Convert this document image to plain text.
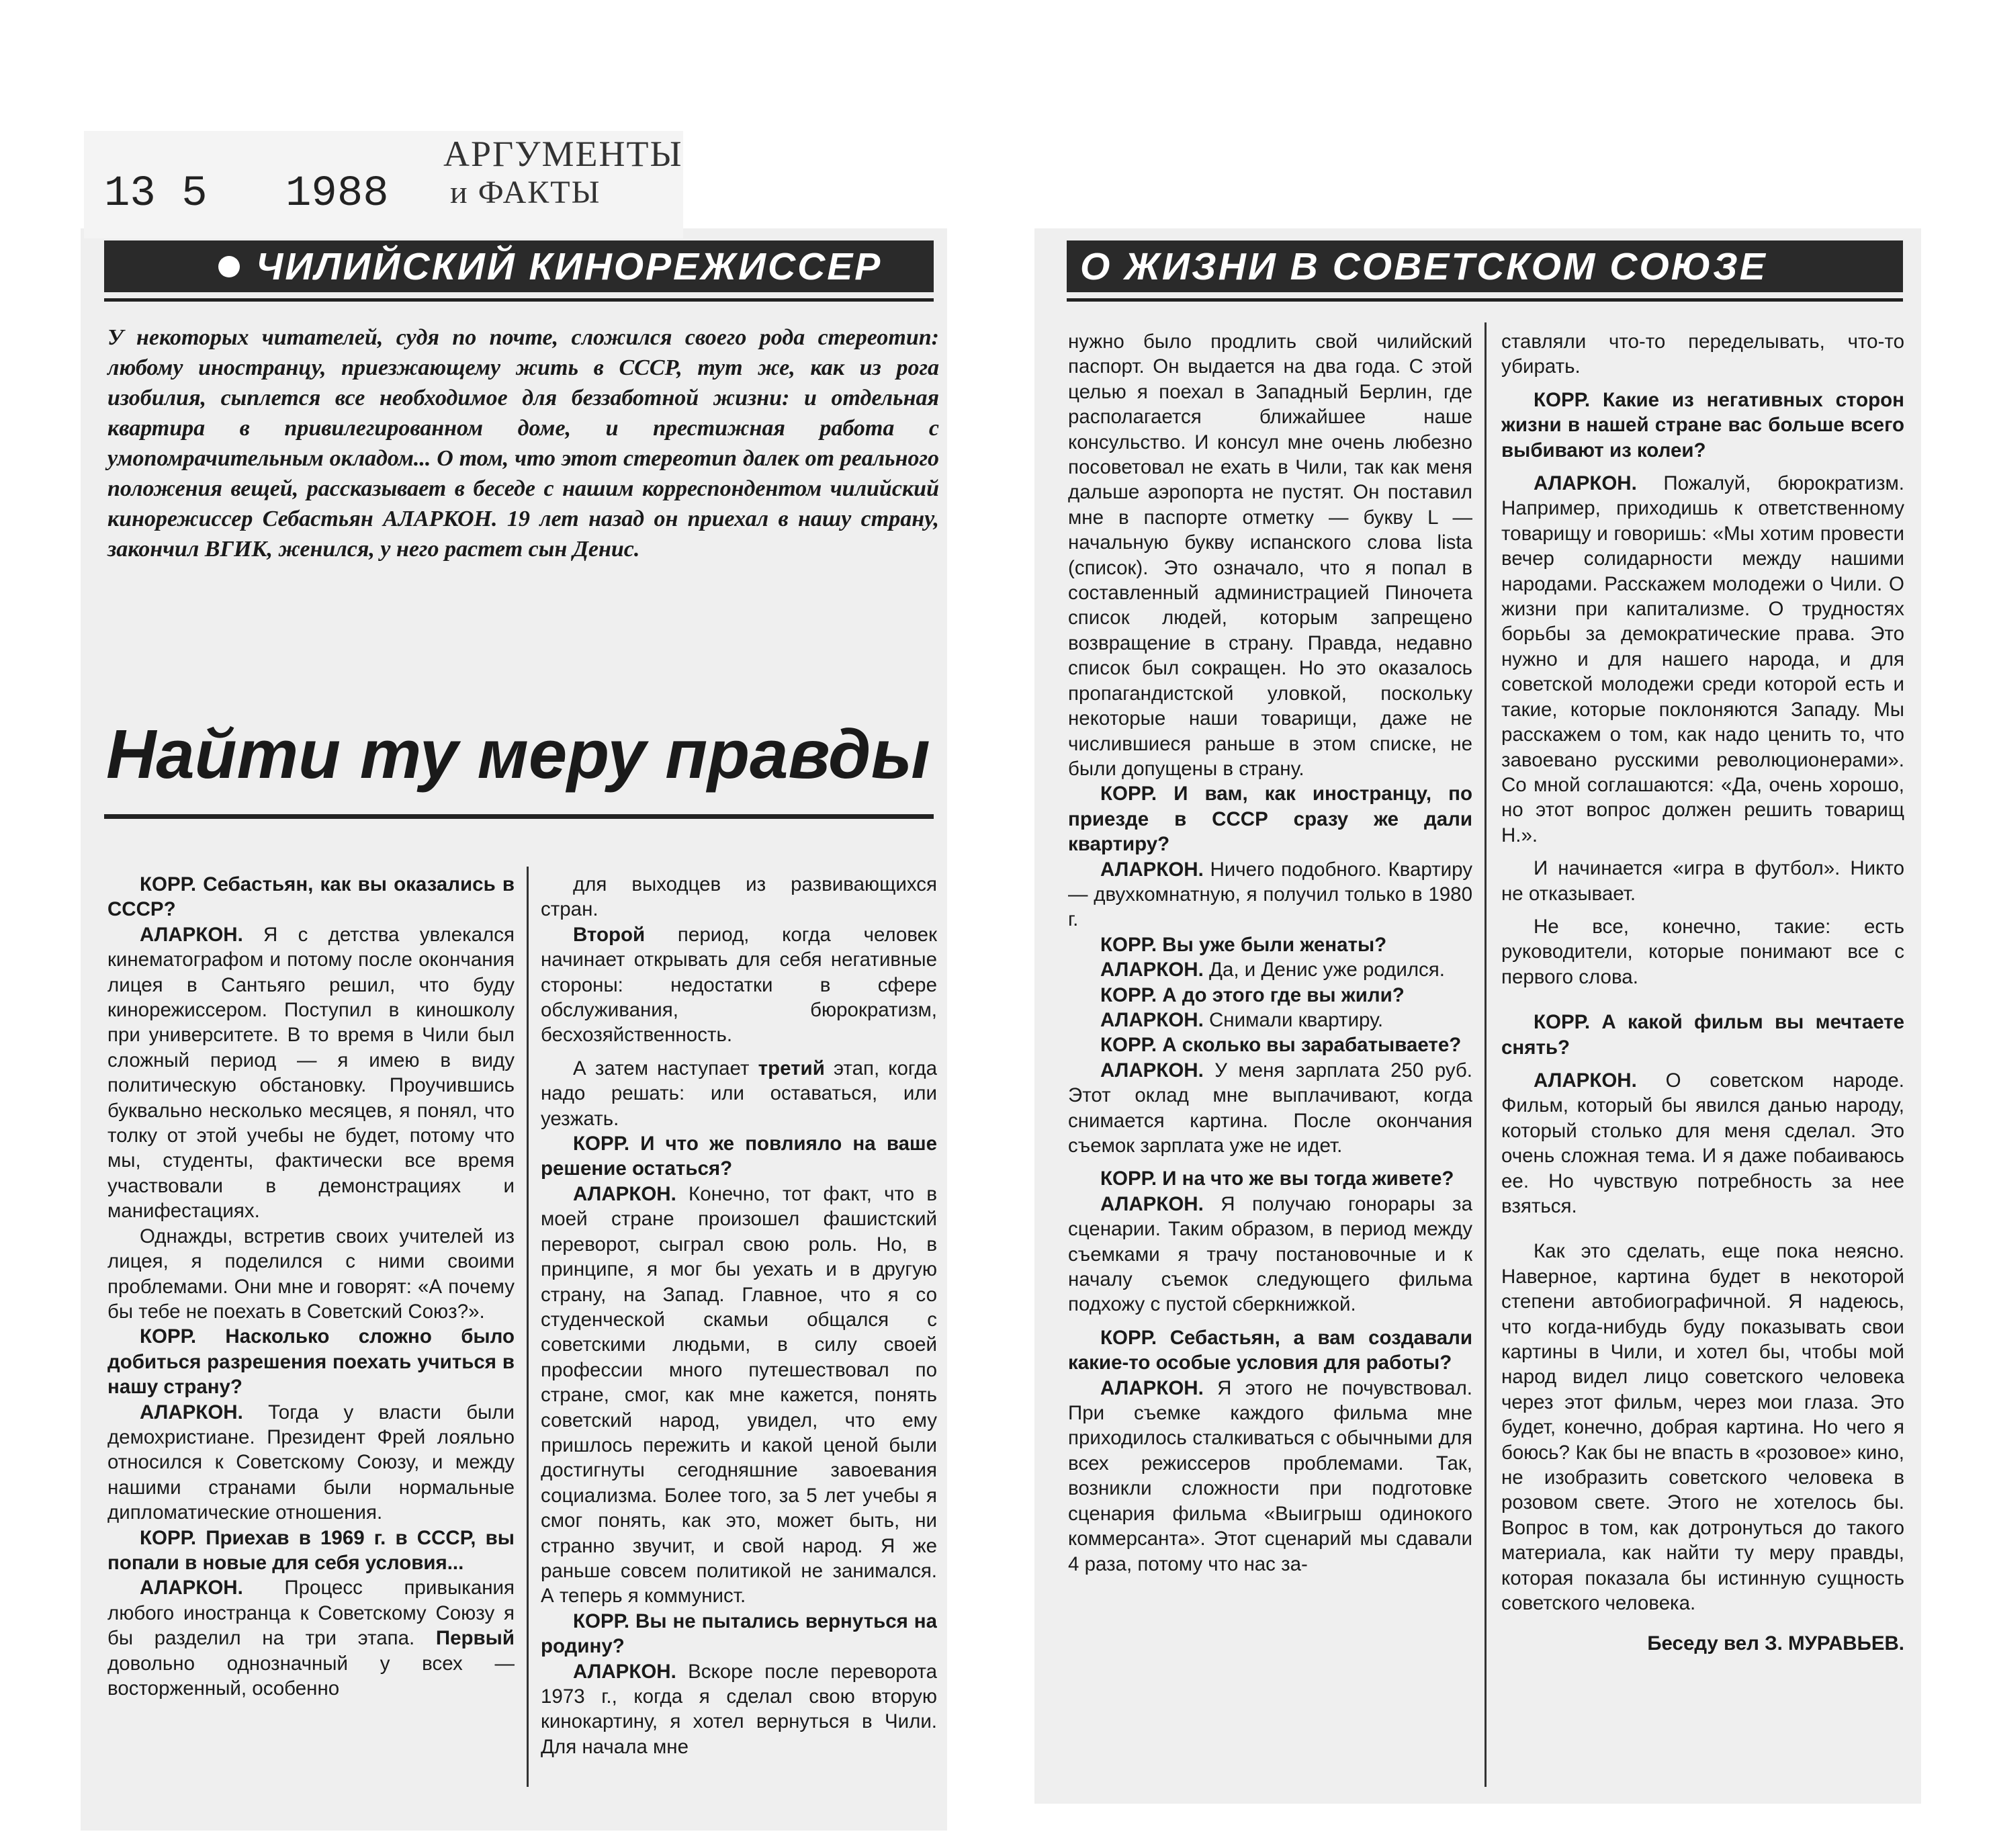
13 5 1988
АРГУМЕНТЫ
и ФАКТЫ
ЧИЛИЙСКИЙ КИНОРЕЖИССЕР	О ЖИЗНИ В СОВЕТСКОМ СОЮЗЕ

У некоторых читателей, судя по почте, сложился своего рода стереотип: любому иностранцу, приезжающему жить в СССР, тут же, как из рога изобилия, сыплется все необходимое для беззаботной жизни: и отдельная квартира в привилегированном доме, и престижная работа с умопомрачительным окладом... О том, что этот стереотип далек от реального положения вещей, рассказывает в беседе с нашим корреспондентом чилийский кинорежиссер Себастьян АЛАРКОН. 19 лет назад он приехал в нашу страну, закончил ВГИК, женился, у него растет сын Денис.

Найти ту меру правды

КОРР. Себастьян, как вы оказались в СССР?

АЛАРКОН. Я с детства увлекался кинематографом и потому после окончания лицея в Сантьяго решил, что буду кинорежиссером. Поступил в киношколу при университете. В то время в Чили был сложный период — я имею в виду политическую обстановку. Проучившись буквально несколько месяцев, я понял, что толку от этой учебы не будет, потому что мы, студенты, фактически все время участвовали в демонстрациях и манифестациях.

Однажды, встретив своих учителей из лицея, я поделился с ними своими проблемами. Они мне и говорят: «А почему бы тебе не поехать в Советский Союз?».

КОРР. Насколько сложно было добиться разрешения поехать учиться в нашу страну?

АЛАРКОН. Тогда у власти были демохристиане. Президент Фрей лояльно относился к Советскому Союзу, и между нашими странами были нормальные дипломатические отношения.

КОРР. Приехав в 1969 г. в СССР, вы попали в новые для себя условия...

АЛАРКОН. Процесс привыкания любого иностранца к Советскому Союзу я бы разделил на три этапа. Первый довольно однозначный у всех — восторженный, особенно

для выходцев из развивающихся стран.

Второй период, когда человек начинает открывать для себя негативные стороны: недостатки в сфере обслуживания, бюрократизм, бесхозяйственность.

А затем наступает третий этап, когда надо решать: или оставаться, или уезжать.

КОРР. И что же повлияло на ваше решение остаться?

АЛАРКОН. Конечно, тот факт, что в моей стране произошел фашистский переворот, сыграл свою роль. Но, в принципе, я мог бы уехать и в другую страну, на Запад. Главное, что я со студенческой скамьи общался с советскими людьми, в силу своей профессии много путешествовал по стране, смог, как мне кажется, понять советский народ, увидел, что ему пришлось пережить и какой ценой были достигнуты сегодняшние завоевания социализма. Более того, за 5 лет учебы я смог понять, как это, может быть, ни странно звучит, и свой народ. Я же раньше совсем политикой не занимался. А теперь я коммунист.

КОРР. Вы не пытались вернуться на родину?

АЛАРКОН. Вскоре после переворота 1973 г., когда я сделал свою вторую кинокартину, я хотел вернуться в Чили. Для начала мне

нужно было продлить свой чилийский паспорт. Он выдается на два года. С этой целью я поехал в Западный Берлин, где располагается ближайшее наше консульство. И консул мне очень любезно посоветовал не ехать в Чили, так как меня дальше аэропорта не пустят. Он поставил мне в паспорте отметку — букву L — начальную букву испанского слова lista (список). Это означало, что я попал в составленный администрацией Пиночета список людей, которым запрещено возвращение в страну. Правда, недавно список был сокращен. Но это оказалось пропагандистской уловкой, поскольку некоторые наши товарищи, даже не числившиеся раньше в этом списке, не были допущены в страну.

КОРР. И вам, как иностранцу, по приезде в СССР сразу же дали квартиру?

АЛАРКОН. Ничего подобного. Квартиру — двухкомнатную, я получил только в 1980 г.

КОРР. Вы уже были женаты?

АЛАРКОН. Да, и Денис уже родился.

КОРР. А до этого где вы жили?

АЛАРКОН. Снимали квартиру.

КОРР. А сколько вы зарабатываете?

АЛАРКОН. У меня зарплата 250 руб. Этот оклад мне выплачивают, когда снимается картина. После окончания съемок зарплата уже не идет.

КОРР. И на что же вы тогда живете?

АЛАРКОН. Я получаю гонорары за сценарии. Таким образом, в период между съемками я трачу постановочные и к началу съемок следующего фильма подхожу с пустой сберкнижкой.

КОРР. Себастьян, а вам создавали какие-то особые условия для работы?

АЛАРКОН. Я этого не почувствовал. При съемке каждого фильма мне приходилось сталкиваться с обычными для всех режиссеров проблемами. Так, возникли сложности при подготовке сценария фильма «Выигрыш одинокого коммерсанта». Этот сценарий мы сдавали 4 раза, потому что нас за-

ставляли что-то переделывать, что-то убирать.

КОРР. Какие из негативных сторон жизни в нашей стране вас больше всего выбивают из колеи?

АЛАРКОН. Пожалуй, бюрократизм. Например, приходишь к ответственному товарищу и говоришь: «Мы хотим провести вечер солидарности между нашими народами. Расскажем молодежи о Чили. О жизни при капитализме. О трудностях борьбы за демократические права. Это нужно и для нашего народа, и для советской молодежи среди которой есть и такие, которые поклоняются Западу. Мы расскажем о том, как надо ценить то, что завоевано русскими революционерами». Со мной соглашаются: «Да, очень хорошо, но этот вопрос должен решить товарищ Н.».

И начинается «игра в футбол». Никто не отказывает.

Не все, конечно, такие: есть руководители, которые понимают все с первого слова.

КОРР. А какой фильм вы мечтаете снять?

АЛАРКОН. О советском народе. Фильм, который бы явился данью народу, который столько для меня сделал. Это очень сложная тема. И я даже побаиваюсь ее. Но чувствую потребность за нее взяться.

Как это сделать, еще пока неясно. Наверное, картина будет в некоторой степени автобиографичной. Я надеюсь, что когда-нибудь буду показывать свои картины в Чили, и хотел бы, чтобы мой народ видел лицо советского человека через этот фильм, через мои глаза. Это будет, конечно, добрая картина. Но чего я боюсь? Как бы не впасть в «розовое» кино, не изобразить советского человека в розовом свете. Этого не хотелось бы. Вопрос в том, как дотронуться до такого материала, как найти ту меру правды, которая показала бы истинную сущность советского человека.

Беседу вел З. МУРАВЬЕВ.
